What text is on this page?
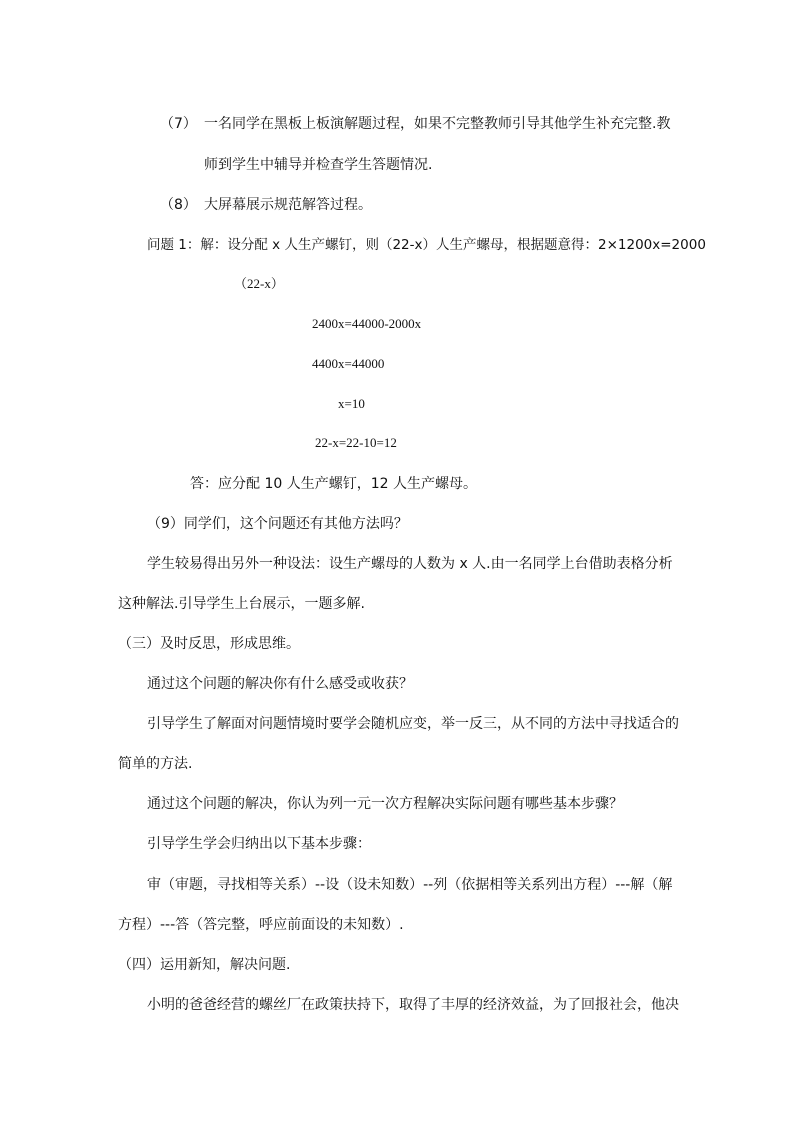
（7） 一名同学在黑板上板演解题过程，如果不完整教师引导其他学生补充完整.教
师到学生中辅导并检查学生答题情况.
（8） 大屏幕展示规范解答过程。
问题 1：解：设分配 x 人生产螺钉，则（22-x）人生产螺母，根据题意得：2×1200x=2000
（22-x）
2400x=44000-2000x
4400x=44000
x=10
22-x=22-10=12
答：应分配 10 人生产螺钉，12 人生产螺母。
（9）同学们，这个问题还有其他方法吗？
学生较易得出另外一种设法：设生产螺母的人数为 x 人.由一名同学上台借助表格分析
这种解法.引导学生上台展示，一题多解.
（三）及时反思，形成思维。
通过这个问题的解决你有什么感受或收获？
引导学生了解面对问题情境时要学会随机应变，举一反三，从不同的方法中寻找适合的
简单的方法.
通过这个问题的解决，你认为列一元一次方程解决实际问题有哪些基本步骤？
引导学生学会归纳出以下基本步骤：
审（审题，寻找相等关系）--设（设未知数）--列（依据相等关系列出方程）---解（解
方程）---答（答完整，呼应前面设的未知数）.
（四）运用新知，解决问题.
小明的爸爸经营的螺丝厂在政策扶持下，取得了丰厚的经济效益，为了回报社会，他决
